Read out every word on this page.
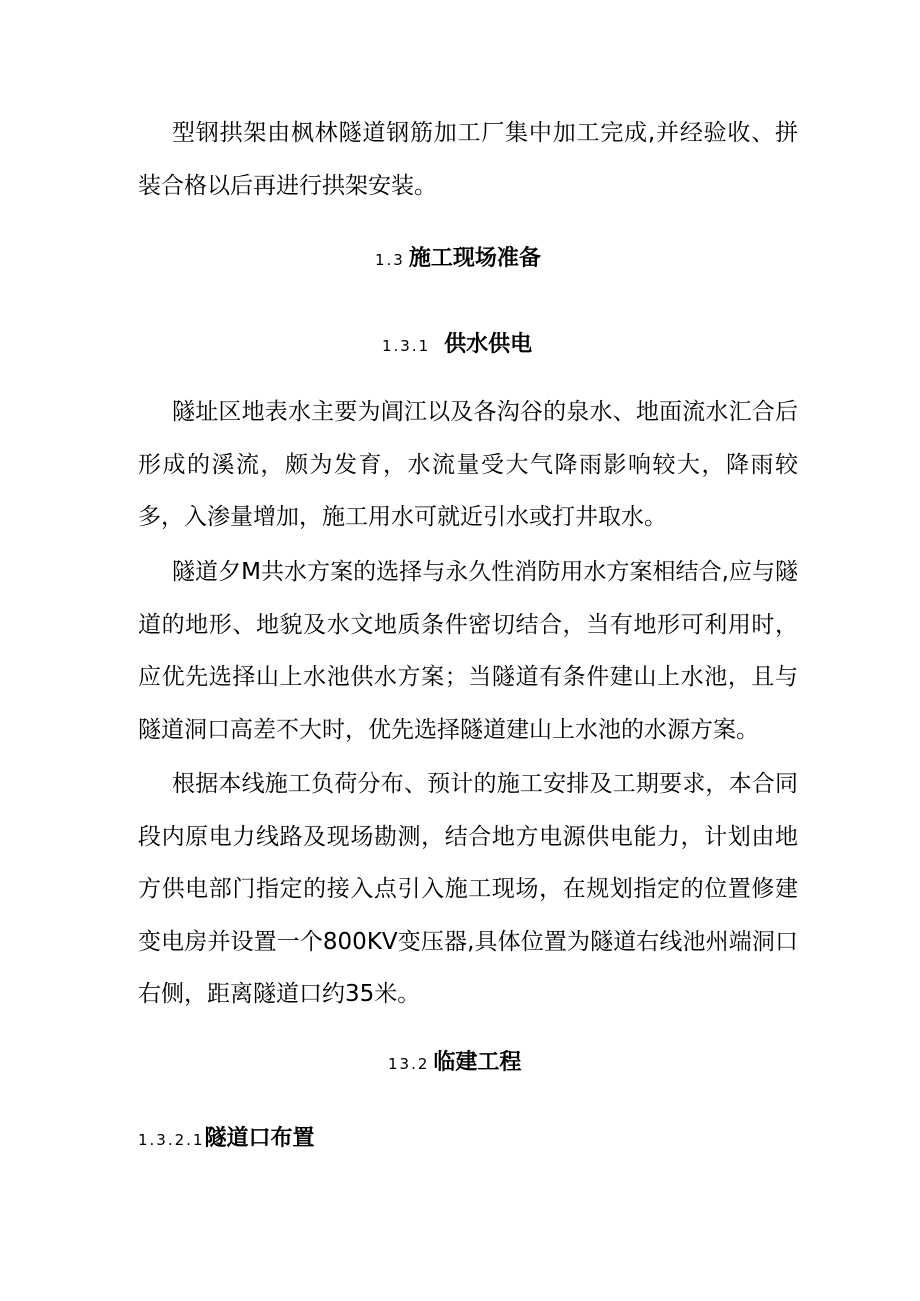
型钢拱架由枫林隧道钢筋加工厂集中加工完成,并经验收、拼装合格以后再进行拱架安装。

1.3 施工现场准备
1.3.1 供水供电

隧址区地表水主要为阊江以及各沟谷的泉水、地面流水汇合后形成的溪流，颇为发育，水流量受大气降雨影响较大，降雨较多，入渗量增加，施工用水可就近引水或打井取水。

隧道夕M共水方案的选择与永久性消防用水方案相结合,应与隧道的地形、地貌及水文地质条件密切结合，当有地形可利用时，应优先选择山上水池供水方案；当隧道有条件建山上水池，且与隧道洞口高差不大时，优先选择隧道建山上水池的水源方案。

根据本线施工负荷分布、预计的施工安排及工期要求，本合同段内原电力线路及现场勘测，结合地方电源供电能力，计划由地方供电部门指定的接入点引入施工现场，在规划指定的位置修建变电房并设置一个800KV变压器,具体位置为隧道右线池州端洞口右侧，距离隧道口约35米。

13.2 临建工程
1.3.2.1隧道口布置
